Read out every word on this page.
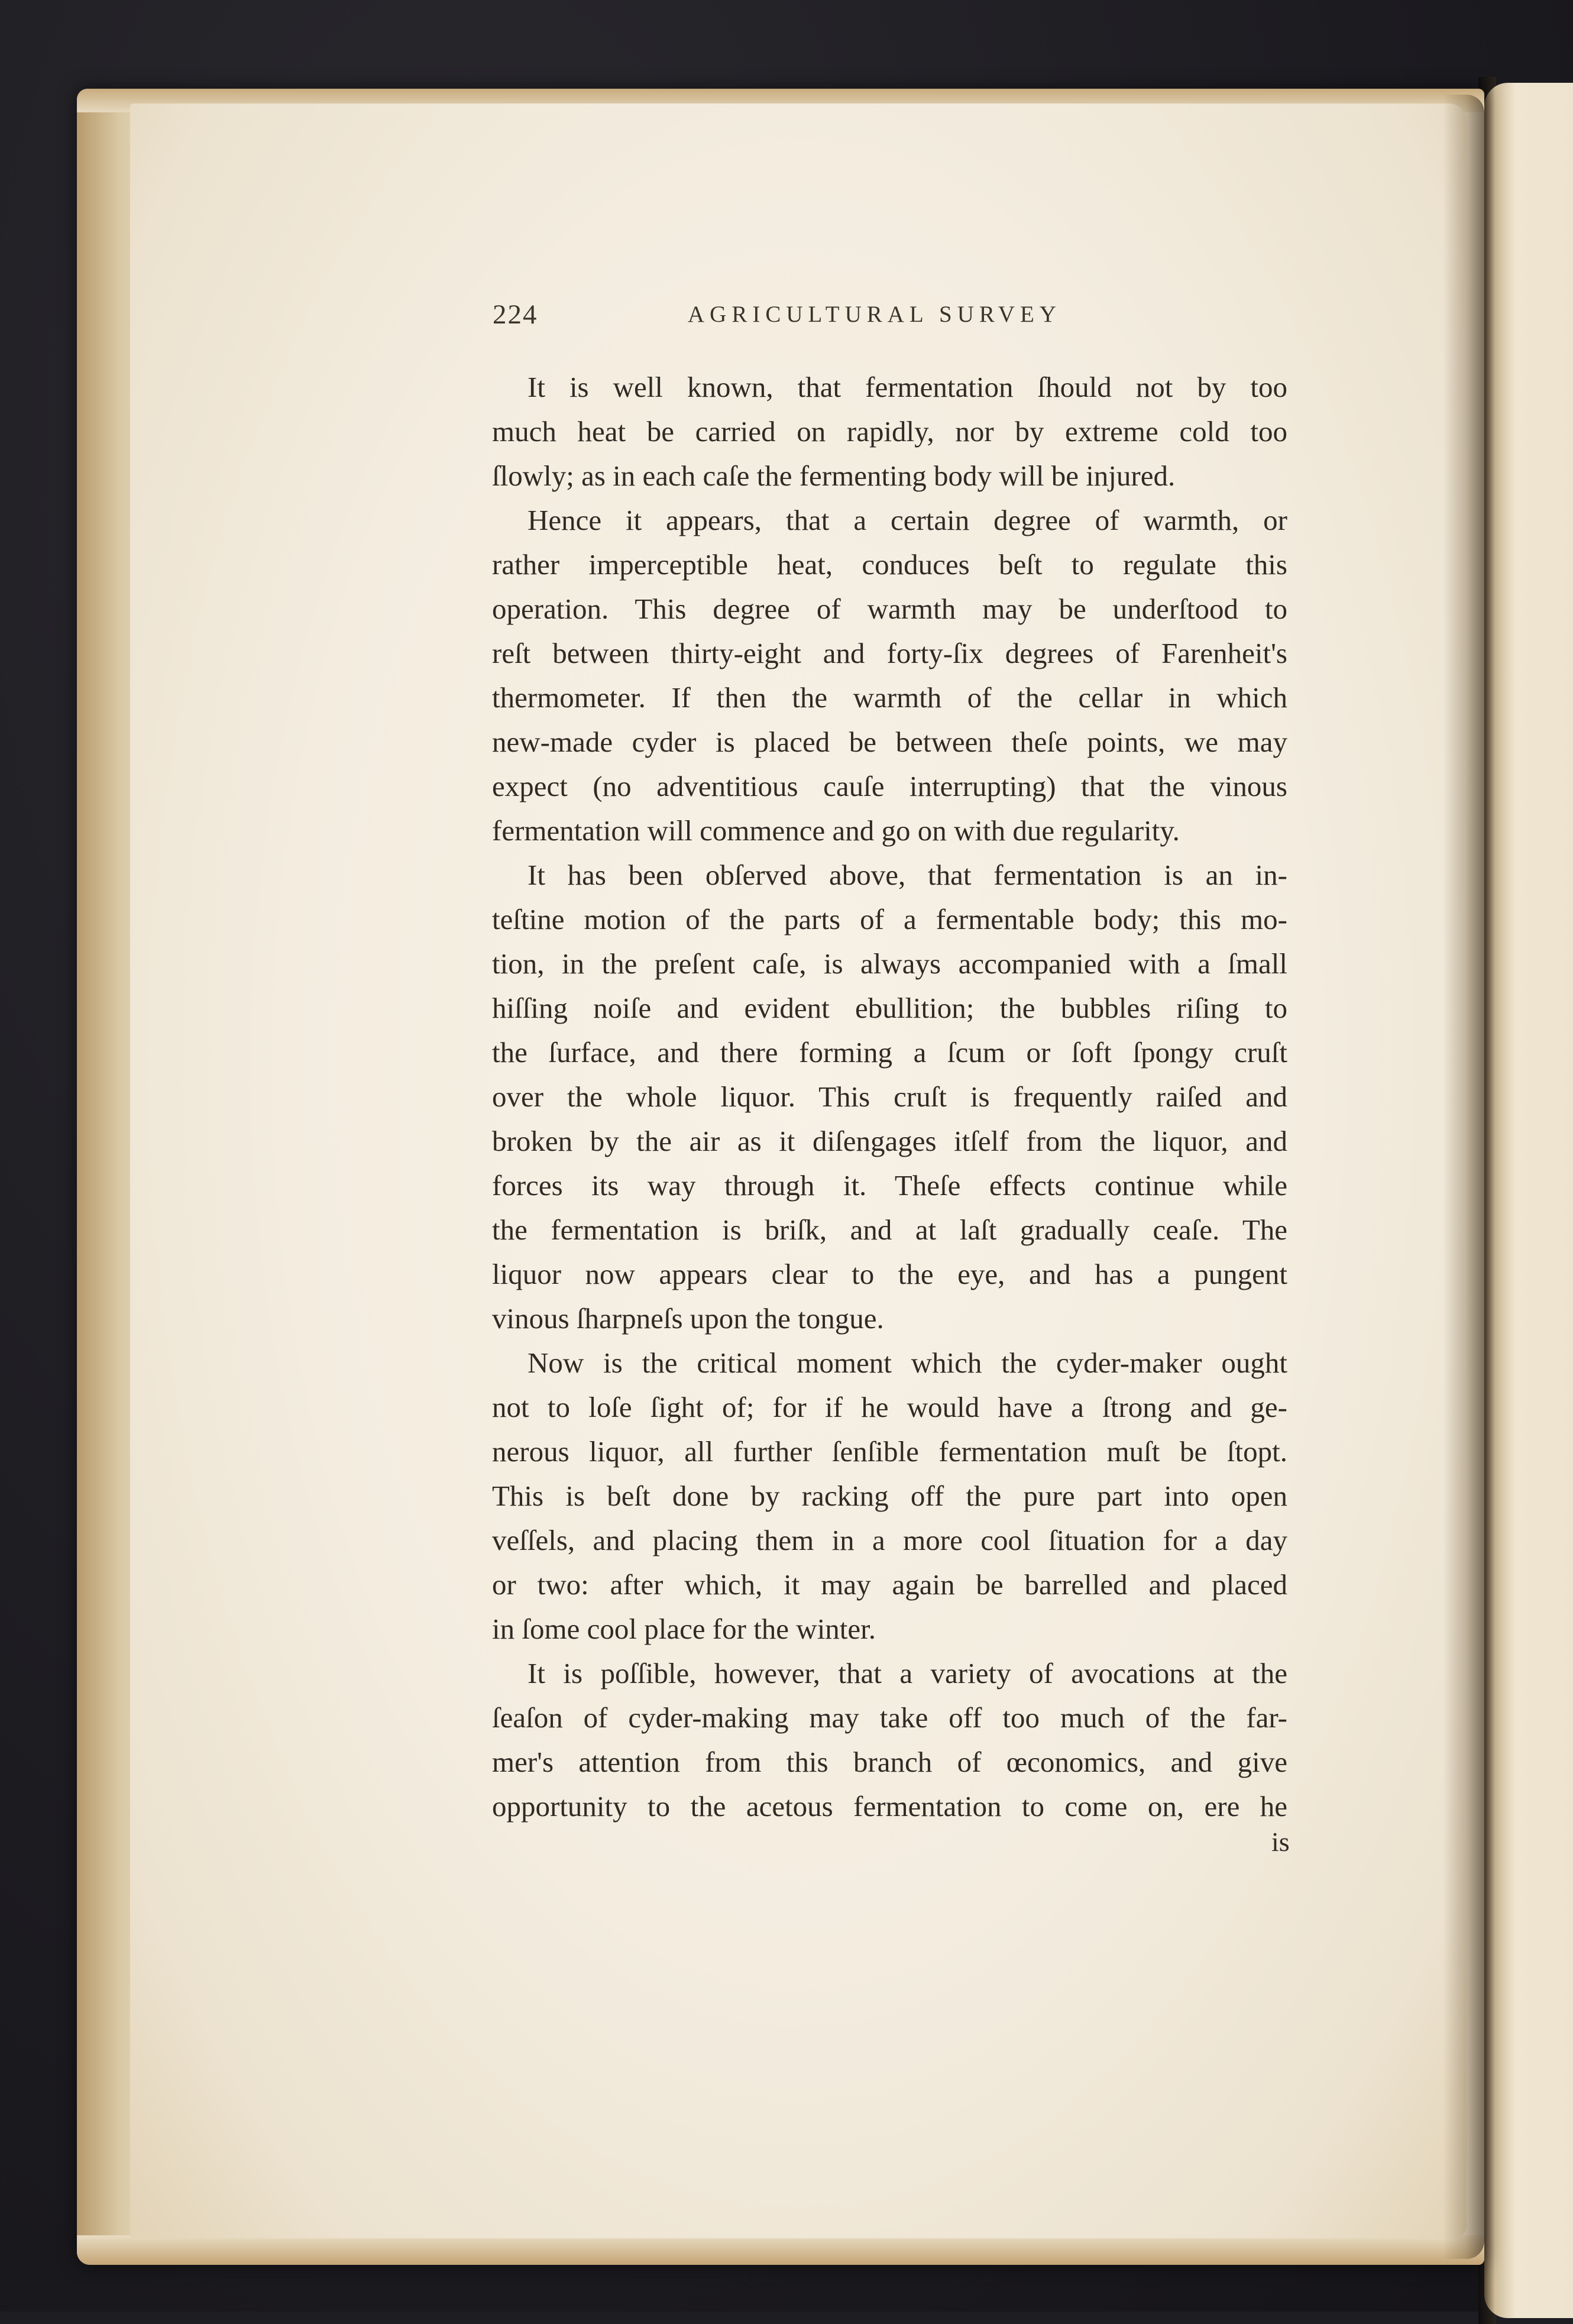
224	AGRICULTURAL SURVEY
It is well known, that fermentation ſhould not by too
much heat be carried on rapidly, nor by extreme cold too
ſlowly; as in each caſe the fermenting body will be injured.
Hence it appears, that a certain degree of warmth, or
rather imperceptible heat, conduces beſt to regulate this
operation. This degree of warmth may be underſtood to
reſt between thirty-eight and forty-ſix degrees of Farenheit's
thermometer. If then the warmth of the cellar in which
new-made cyder is placed be between theſe points, we may
expect (no adventitious cauſe interrupting) that the vinous
fermentation will commence and go on with due regularity.
It has been obſerved above, that fermentation is an in-
teſtine motion of the parts of a fermentable body; this mo-
tion, in the preſent caſe, is always accompanied with a ſmall
hiſſing noiſe and evident ebullition; the bubbles riſing to
the ſurface, and there forming a ſcum or ſoft ſpongy cruſt
over the whole liquor. This cruſt is frequently raiſed and
broken by the air as it diſengages itſelf from the liquor, and
forces its way through it. Theſe effects continue while
the fermentation is briſk, and at laſt gradually ceaſe. The
liquor now appears clear to the eye, and has a pungent
vinous ſharpneſs upon the tongue.
Now is the critical moment which the cyder-maker ought
not to loſe ſight of; for if he would have a ſtrong and ge-
nerous liquor, all further ſenſible fermentation muſt be ſtopt.
This is beſt done by racking off the pure part into open
veſſels, and placing them in a more cool ſituation for a day
or two: after which, it may again be barrelled and placed
in ſome cool place for the winter.
It is poſſible, however, that a variety of avocations at the
ſeaſon of cyder-making may take off too much of the far-
mer's attention from this branch of œconomics, and give
opportunity to the acetous fermentation to come on, ere he
is
